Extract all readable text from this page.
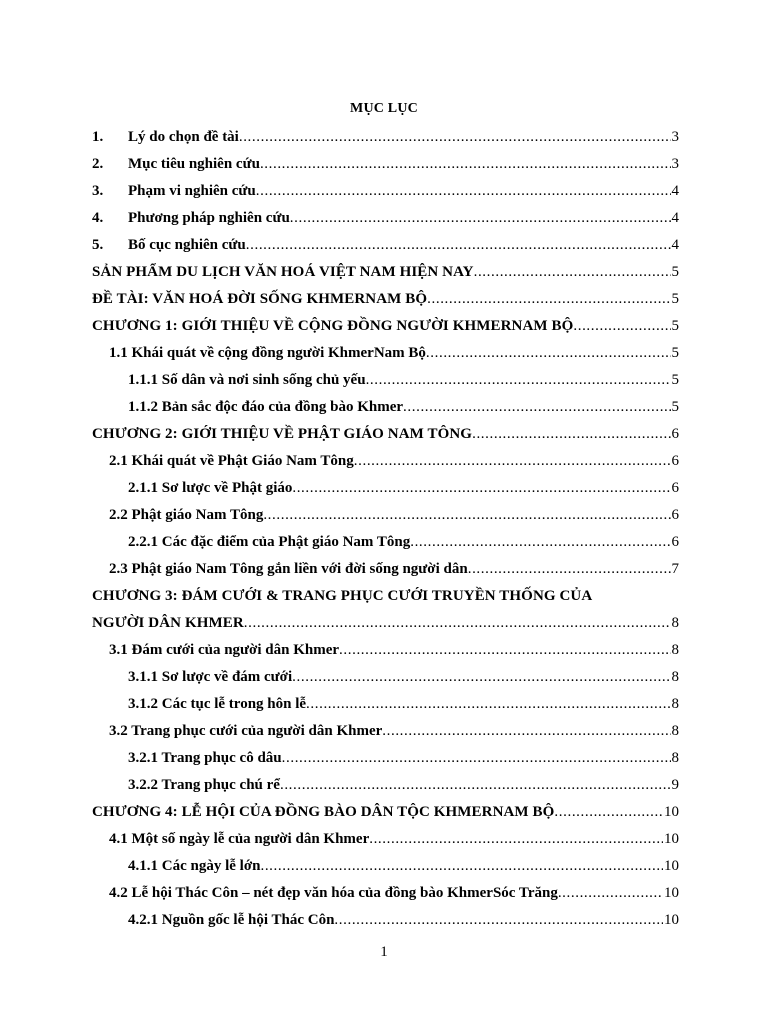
MỤC LỤC
1.	Lý do chọn đề tài .....	3
2.	Mục tiêu nghiên cứu .....	3
3.	Phạm vi nghiên cứu .....	4
4.	Phương pháp nghiên cứu .....	4
5.	Bố cục nghiên cứu .....	4
SẢN PHẨM DU LỊCH VĂN HOÁ VIỆT NAM HIỆN NAY .....	5
ĐỀ TÀI: VĂN HOÁ ĐỜI SỐNG KHMERNAM BỘ .....	5
CHƯƠNG 1: GIỚI THIỆU VỀ CỘNG ĐỒNG NGƯỜI KHMERNAM BỘ .....	5
1.1 Khái quát về cộng đồng người KhmerNam Bộ .....	5
1.1.1 Số dân và nơi sinh sống chủ yếu .....	5
1.1.2 Bản sắc độc đáo của đồng bào Khmer .....	5
CHƯƠNG 2: GIỚI THIỆU VỀ PHẬT GIÁO NAM TÔNG .....	6
2.1 Khái quát về Phật Giáo Nam Tông .....	6
2.1.1 Sơ lược về Phật giáo .....	6
2.2 Phật giáo Nam Tông .....	6
2.2.1 Các đặc điểm của Phật giáo Nam Tông .....	6
2.3 Phật giáo Nam Tông gắn liền với đời sống người dân .....	7
CHƯƠNG 3: ĐÁM CƯỚI & TRANG PHỤC CƯỚI TRUYỀN THỐNG CỦA
NGƯỜI DÂN KHMER .....	8
3.1 Đám cưới của người dân Khmer .....	8
3.1.1 Sơ lược về đám cưới .....	8
3.1.2 Các tục lễ trong hôn lễ .....	8
3.2 Trang phục cưới của người dân Khmer .....	8
3.2.1 Trang phục cô dâu .....	8
3.2.2 Trang phục chú rể .....	9
CHƯƠNG 4: LỄ HỘI CỦA ĐỒNG BÀO DÂN TỘC KHMERNAM BỘ .....	10
4.1 Một số ngày lễ của người dân Khmer .....	10
4.1.1 Các ngày lễ lớn .....	10
4.2 Lễ hội Thác Côn – nét đẹp văn hóa của đồng bào KhmerSóc Trăng .....	10
4.2.1 Nguồn gốc lễ hội Thác Côn .....	10
1
